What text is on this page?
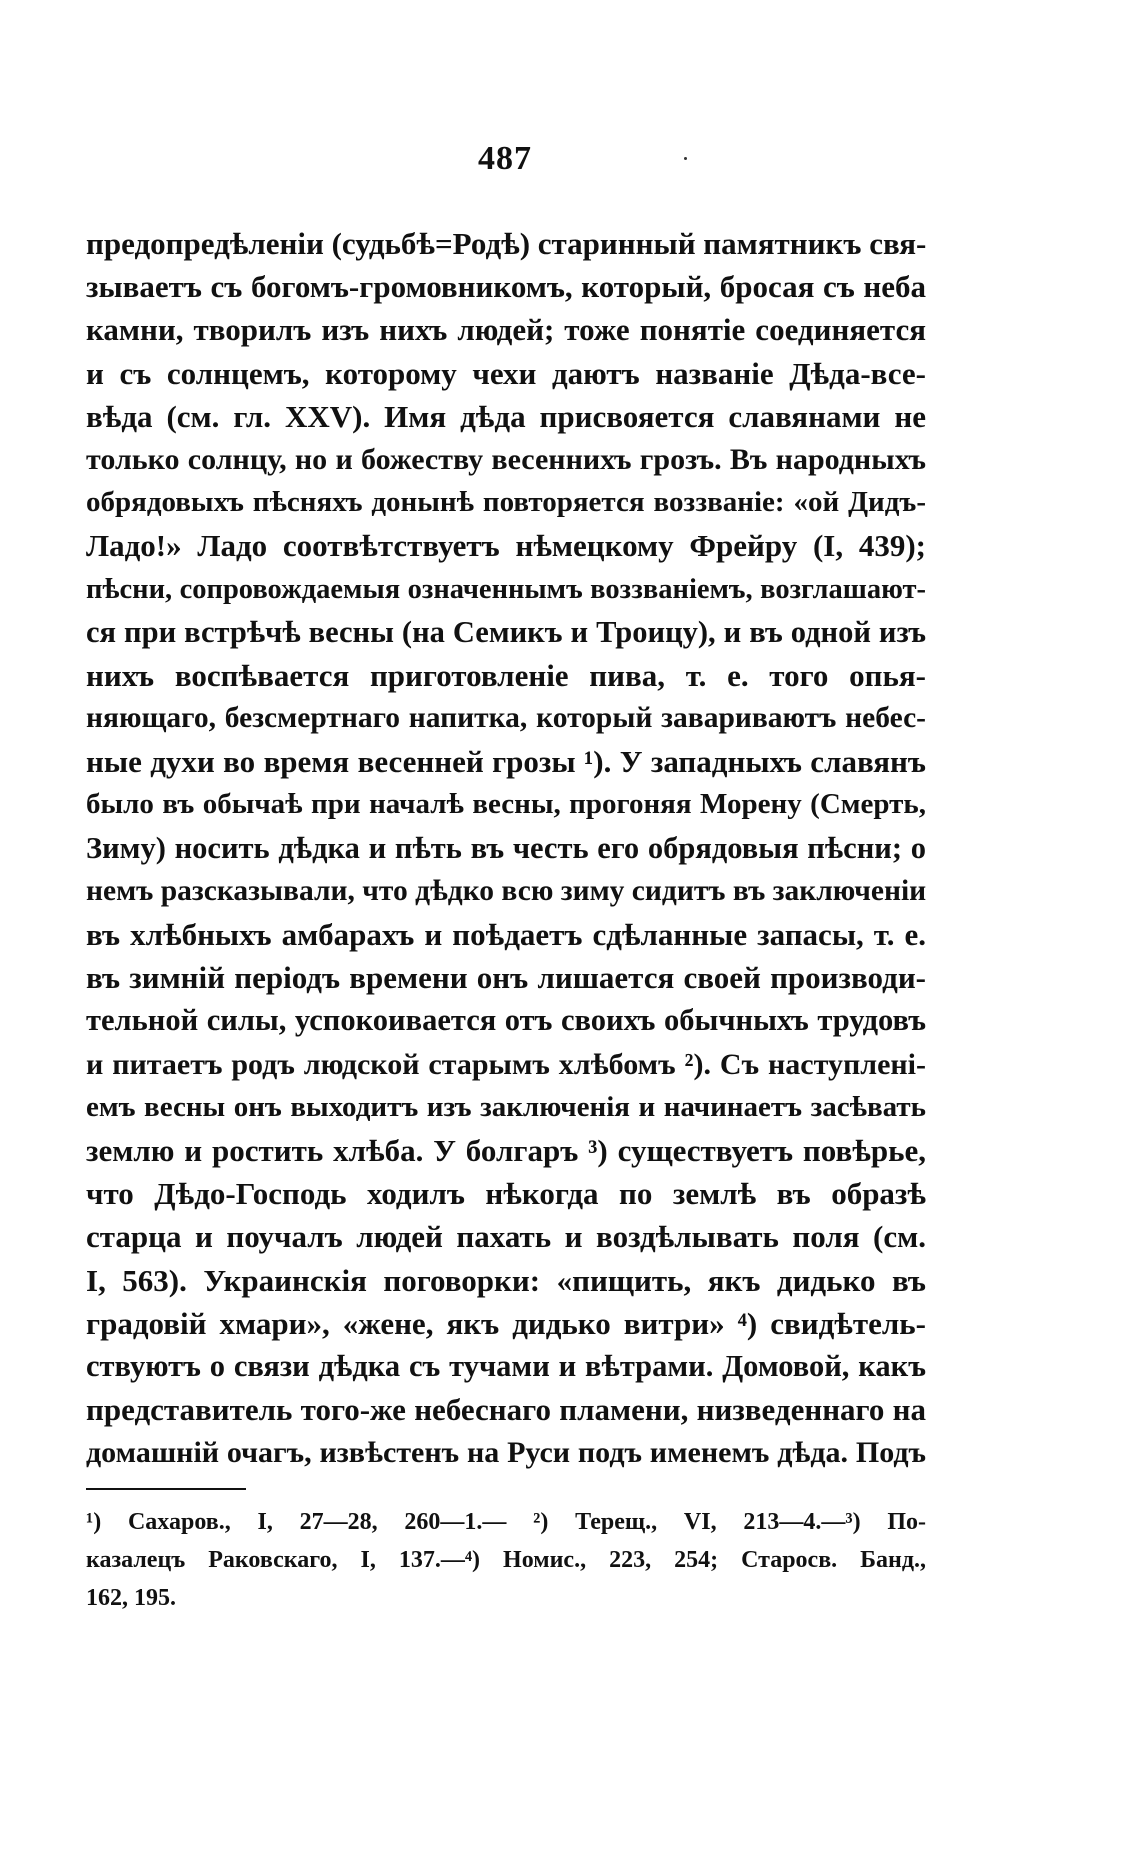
487
предопредѣленіи (судьбѣ=Родѣ) старинный памятникъ свя-
зываетъ съ богомъ-громовникомъ, который, бросая съ неба
камни, творилъ изъ нихъ людей; тоже понятіе соединяется
и съ солнцемъ, которому чехи даютъ названіе Дѣда-все-
вѣда (см. гл. XXV). Имя дѣда присвояется славянами не
только солнцу, но и божеству весеннихъ грозъ. Въ народныхъ
обрядовыхъ пѣсняхъ донынѣ повторяется воззваніе: «ой Дидъ-
Ладо!» Ладо соотвѣтствуетъ нѣмецкому Фрейру (I, 439);
пѣсни, сопровождаемыя означеннымъ воззваніемъ, возглашают-
ся при встрѣчѣ весны (на Семикъ и Троицу), и въ одной изъ
нихъ воспѣвается приготовленіе пива, т. е. того опья-
няющаго, безсмертнаго напитка, который завариваютъ небес-
ные духи во время весенней грозы ¹). У западныхъ славянъ
было въ обычаѣ при началѣ весны, прогоняя Морену (Смерть,
Зиму) носить дѣдка и пѣть въ честь его обрядовыя пѣсни; о
немъ разсказывали, что дѣдко всю зиму сидитъ въ заключеніи
въ хлѣбныхъ амбарахъ и поѣдаетъ сдѣланные запасы, т. е.
въ зимній періодъ времени онъ лишается своей производи-
тельной силы, успокоивается отъ своихъ обычныхъ трудовъ
и питаетъ родъ людской старымъ хлѣбомъ ²). Съ наступленi-
емъ весны онъ выходитъ изъ заключенія и начинаетъ засѣвать
землю и ростить хлѣба. У болгаръ ³) существуетъ повѣрье,
что Дѣдо-Господь ходилъ нѣкогда по землѣ въ образѣ
старца и поучалъ людей пахать и воздѣлывать поля (см.
I, 563). Украинскія поговорки: «пищить, якъ дидько въ
градовій хмари», «жене, якъ дидько витри» ⁴) свидѣтель-
ствуютъ о связи дѣдка съ тучами и вѣтрами. Домовой, какъ
представитель того-же небеснаго пламени, низведеннаго на
домашній очагъ, извѣстенъ на Руси подъ именемъ дѣда. Подъ
¹) Сахаров., I, 27—28, 260—1.— ²) Терещ., VI, 213—4.—³) По-
казалецъ Раковскаго, I, 137.—⁴) Номис., 223, 254; Старосв. Банд.,
162, 195.
